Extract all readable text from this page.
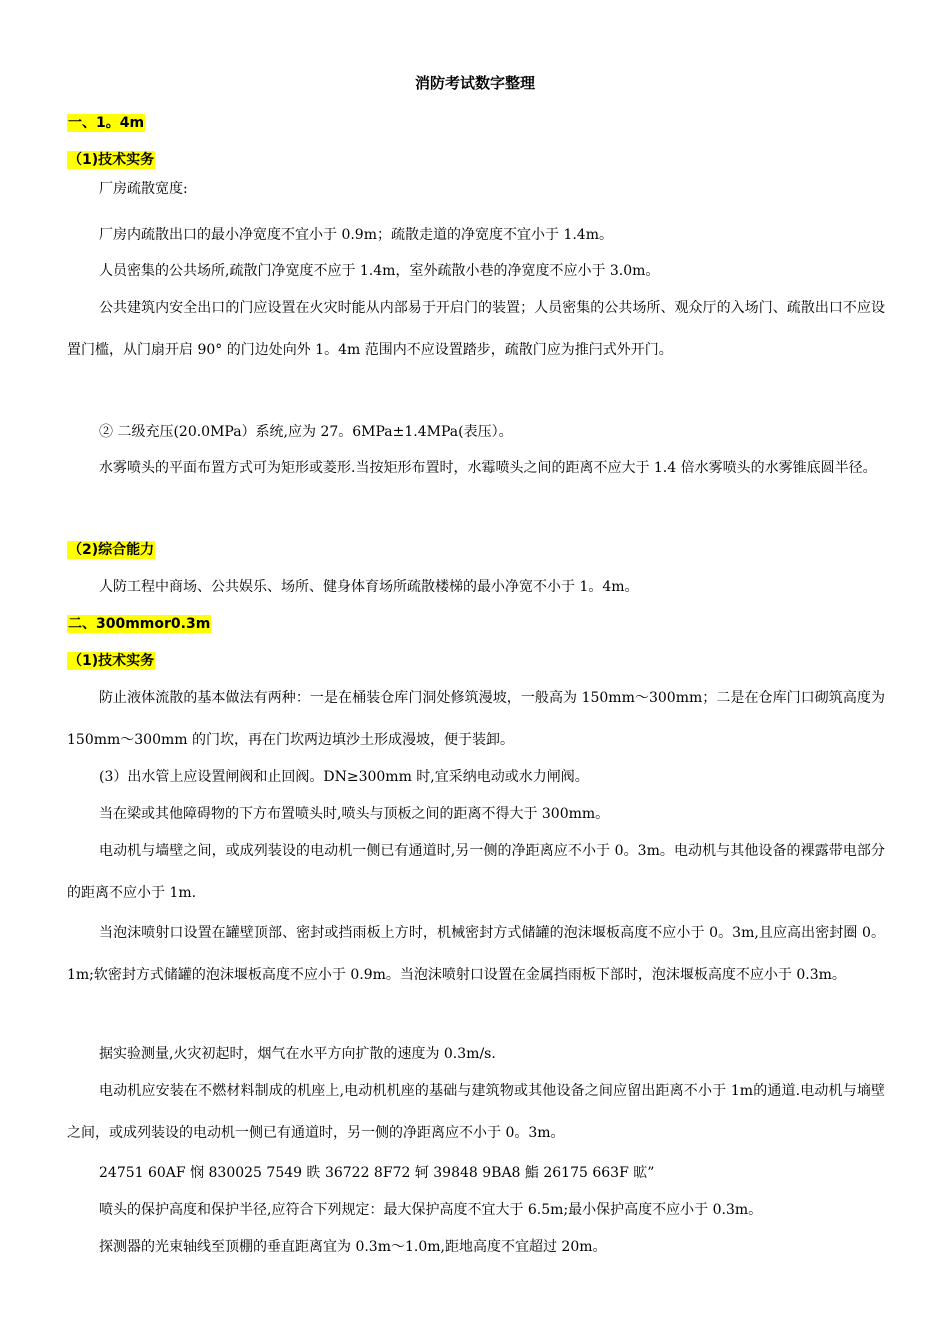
消防考试数字整理
一、1。4m
（1)技术实务
厂房疏散宽度:
厂房内疏散出口的最小净宽度不宜小于 0.9m；疏散走道的净宽度不宜小于 1.4m。
人员密集的公共场所,疏散门净宽度不应于 1.4m，室外疏散小巷的净宽度不应小于 3.0m。
公共建筑内安全出口的门应设置在火灾时能从内部易于开启门的装置；人员密集的公共场所、观众厅的入场门、疏散出口不应设置门槛，从门扇开启 90° 的门边处向外 1。4m 范围内不应设置踏步，疏散门应为推闩式外开门。
② 二级充压(20.0MPa）系统,应为 27。6MPa±1.4MPa(表压）。
水雾喷头的平面布置方式可为矩形或菱形.当按矩形布置时，水霉喷头之间的距离不应大于 1.4 倍水雾喷头的水雾锥底圆半径。
（2)综合能力
人防工程中商场、公共娱乐、场所、健身体育场所疏散楼梯的最小净宽不小于 1。4m。
二、300mmor0.3m
（1)技术实务
防止液体流散的基本做法有两种：一是在桶装仓库门洞处修筑漫坡，一般高为 150mm～300mm；二是在仓库门口砌筑高度为 150mm～300mm 的门坎，再在门坎两边填沙土形成漫坡，便于装卸。
(3）出水管上应设置闸阀和止回阀。DN≥300mm 时,宜采纳电动或水力闸阀。
当在梁或其他障碍物的下方布置喷头时,喷头与顶板之间的距离不得大于 300mm。
电动机与墙壁之间，或成列装设的电动机一侧已有通道时,另一侧的净距离应不小于 0。3m。电动机与其他设备的裸露带电部分的距离不应小于 1m.
当泡沫喷射口设置在罐壁顶部、密封或挡雨板上方时，机械密封方式储罐的泡沫堰板高度不应小于 0。3m,且应高出密封圈 0。1m;软密封方式储罐的泡沫堰板高度不应小于 0.9m。当泡沫喷射口设置在金属挡雨板下部时，泡沫堰板高度不应小于 0.3m。
据实验测量,火灾初起时，烟气在水平方向扩散的速度为 0.3m/s.
电动机应安装在不燃材料制成的机座上,电动机机座的基础与建筑物或其他设备之间应留出距离不小于 1m的通道.电动机与墒壁之间，或成列装设的电动机一侧已有通道时，另一侧的净距离应不小于 0。3m。
24751 60AF 悯 830025 7549 眣 36722 8F72 轲 39848 9BA8 鮨 26175 663F 昿”
喷头的保护高度和保护半径,应符合下列规定：最大保护高度不宜大于 6.5m;最小保护高度不应小于 0.3m。
探测器的光束轴线至顶棚的垂直距离宜为 0.3m～1.0m,距地高度不宜超过 20m。
